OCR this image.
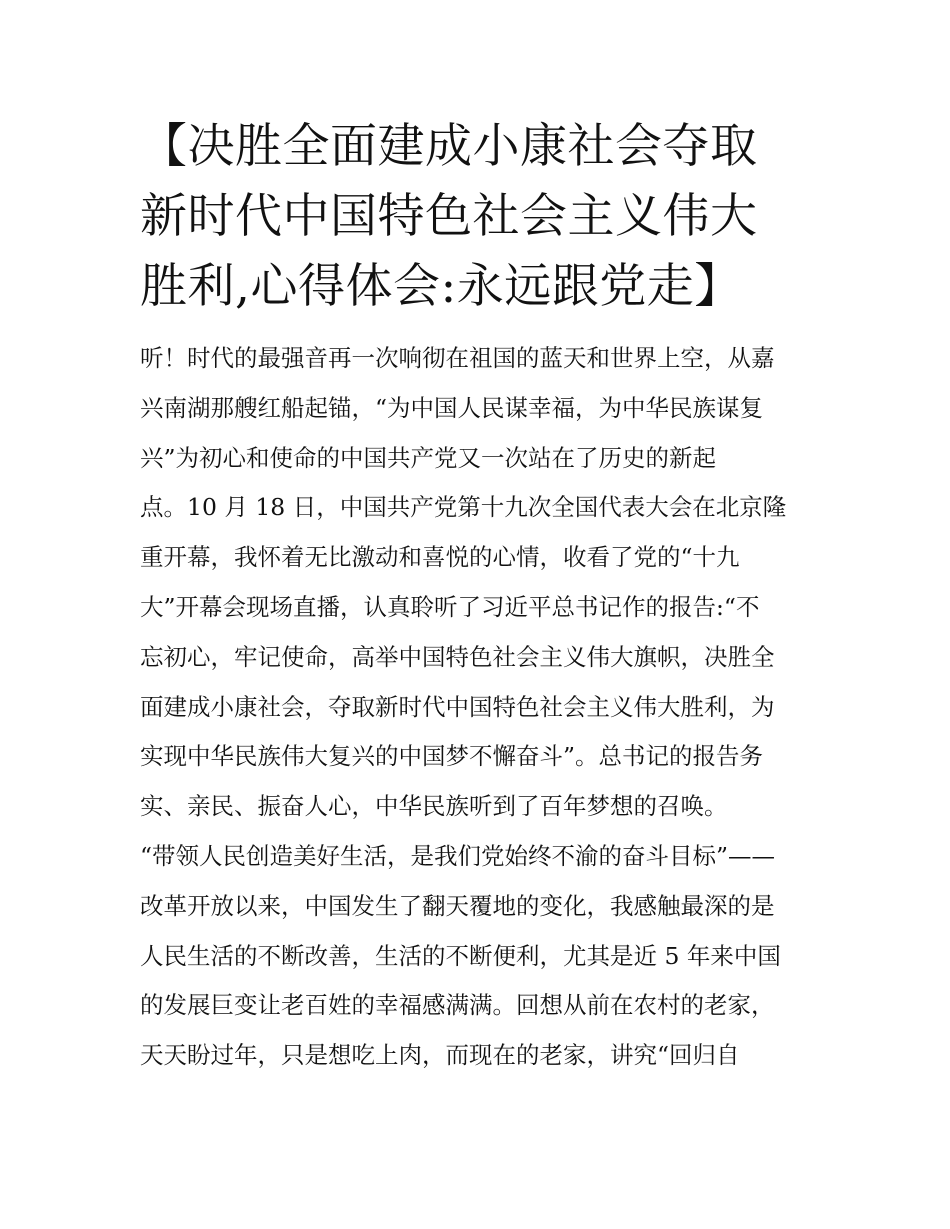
【决胜全面建成小康社会夺取
新时代中国特色社会主义伟大
胜利,心得体会:永远跟党走】
听！时代的最强音再一次响彻在祖国的蓝天和世界上空，从嘉
兴南湖那艘红船起锚，“为中国人民谋幸福，为中华民族谋复
兴”为初心和使命的中国共产党又一次站在了历史的新起
点。10 月 18 日，中国共产党第十九次全国代表大会在北京隆
重开幕，我怀着无比激动和喜悦的心情，收看了党的“十九
大”开幕会现场直播，认真聆听了习近平总书记作的报告:“不
忘初心，牢记使命，高举中国特色社会主义伟大旗帜，决胜全
面建成小康社会，夺取新时代中国特色社会主义伟大胜利，为
实现中华民族伟大复兴的中国梦不懈奋斗”。总书记的报告务
实、亲民、振奋人心，中华民族听到了百年梦想的召唤。
“带领人民创造美好生活，是我们党始终不渝的奋斗目标”——
改革开放以来，中国发生了翻天覆地的变化，我感触最深的是
人民生活的不断改善，生活的不断便利，尤其是近 5 年来中国
的发展巨变让老百姓的幸福感满满。回想从前在农村的老家，
天天盼过年，只是想吃上肉，而现在的老家，讲究“回归自
